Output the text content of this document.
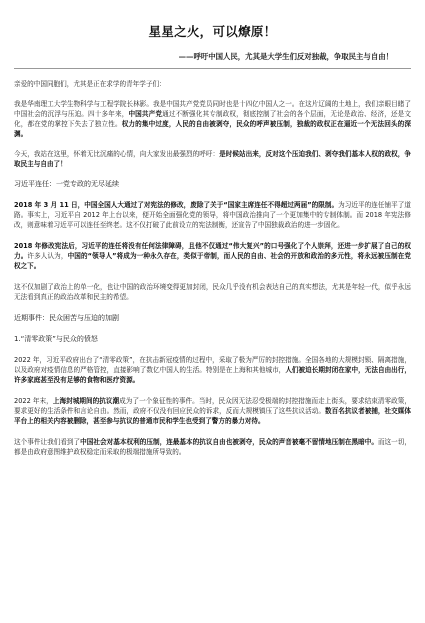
星星之火，可以燎原！
——呼吁中国人民，尤其是大学生们反对独裁，争取民主与自由！

亲爱的中国同胞们，尤其是正在求学的青年学子们：

我是华南理工大学生物科学与工程学院长林影。我是中国共产党党员同时也是十四亿中国人之一。在这片辽阔的土地上，我们亲眼目睹了中国社会的沉浮与压迫。四十多年来，中国共产党通过不断强化其专制政权，彻底控制了社会的各个层面，无论是政治、经济，还是文化，都在党的掌控下失去了独立性。权力的集中过度，人民的自由被剥夺，民众的呼声被压制，独裁的政权正在逼近一个无法回头的深渊。

今天，我站在这里，怀着无比沉痛的心情，向大家发出最强烈的呼吁：是时候站出来，反对这个压迫我们、剥夺我们基本人权的政权，争取民主与自由了！

习近平连任：一党专政的无尽延续

2018 年 3 月 11 日，中国全国人大通过了对宪法的修改，废除了关于“国家主席连任不得超过两届”的限制。为习近平的连任铺平了道路。事实上，习近平自 2012 年上台以来，便开始全面强化党的领导，将中国政治推向了一个更加集中的专制体制。而 2018 年宪法修改，则意味着习近平可以连任至终老。这不仅打破了此前设立的宪法制衡，还宣告了中国独裁政治的进一步固化。

2018 年修改宪法后，习近平的连任将没有任何法律障碍，且他不仅通过“伟大复兴”的口号强化了个人崇拜，还进一步扩展了自己的权力。许多人认为，中国的“领导人”将成为一种永久存在，类似于帝制，而人民的自由、社会的开放和政治的多元性，将永远被压制在党权之下。

这不仅加剧了政治上的单一化，也让中国的政治环境变得更加封闭，民众几乎没有机会表达自己的真实想法，尤其是年轻一代，似乎永远无法看到真正的政治改革和民主的希望。

近期事件：民众困苦与压迫的加剧
1.“清零政策”与民众的愤怒

2022 年，习近平政府出台了“清零政策”，在抗击新冠疫情的过程中，采取了极为严厉的封控措施。全国各地的大规模封锁、隔离措施，以及政府对疫情信息的严格管控，直接影响了数亿中国人的生活。特别是在上海和其他城市，人们被迫长期封闭在家中，无法自由出行，许多家庭甚至没有足够的食物和医疗资源。

2022 年末，上海封城期间的抗议潮成为了一个象征性的事件。当时，民众因无法忍受极端的封控措施而走上街头，要求结束清零政策，要求更好的生活条件和言论自由。然而，政府不仅没有回应民众的诉求，反而大规模镇压了这些抗议活动。数百名抗议者被捕，社交媒体平台上的相关内容被删除，甚至参与抗议的普通市民和学生也受到了警方的暴力对待。

这个事件让我们看到了中国社会对基本权利的压制，连最基本的抗议自由也被剥夺，民众的声音被毫不留情地压制在黑暗中。而这一切，都是由政府意图维护政权稳定而采取的极端措施所导致的。
